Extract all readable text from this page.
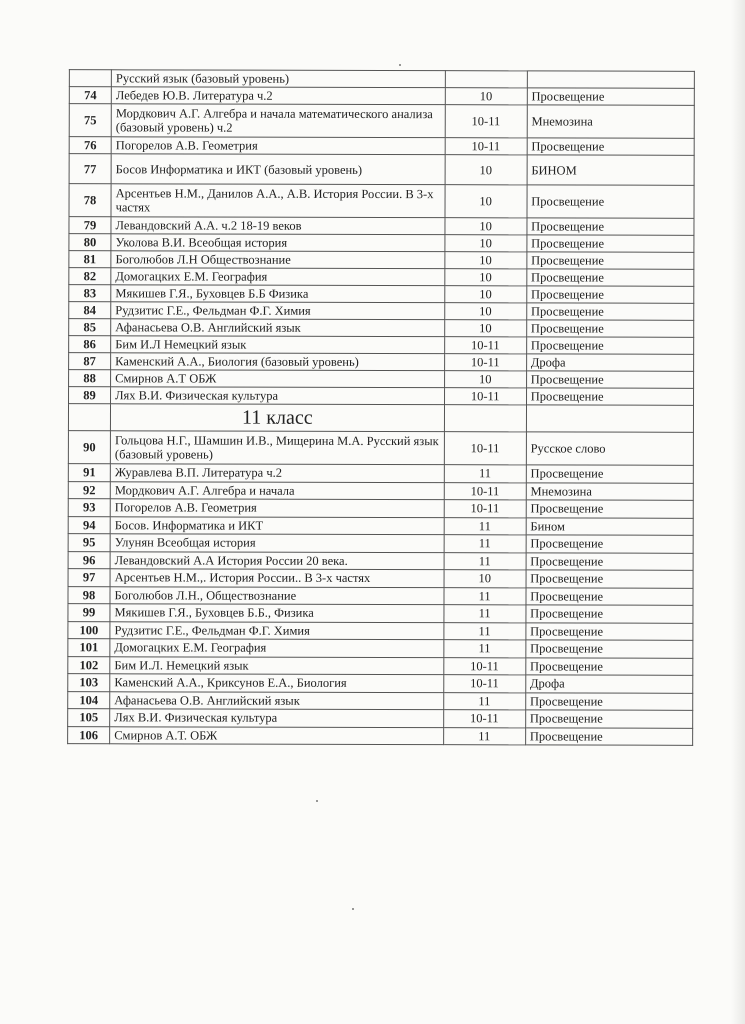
	Русский язык (базовый уровень)		
74	Лебедев Ю.В. Литература ч.2	10	Просвещение
75	Мордкович А.Г. Алгебра и начала математического анализа (базовый уровень) ч.2	10-11	Мнемозина
76	Погорелов А.В. Геометрия	10-11	Просвещение
77	Босов Информатика и ИКТ (базовый уровень)	10	БИНОМ
78	Арсентьев Н.М., Данилов А.А., А.В. История России. В 3-х частях	10	Просвещение
79	Левандовский А.А. ч.2 18-19 веков	10	Просвещение
80	Уколова В.И. Всеобщая история	10	Просвещение
81	Боголюбов Л.Н Обществознание	10	Просвещение
82	Домогацких Е.М. География	10	Просвещение
83	Мякишев Г.Я., Буховцев Б.Б Физика	10	Просвещение
84	Рудзитис Г.Е., Фельдман Ф.Г. Химия	10	Просвещение
85	Афанасьева О.В. Английский язык	10	Просвещение
86	Бим И.Л Немецкий язык	10-11	Просвещение
87	Каменский А.А., Биология (базовый уровень)	10-11	Дрофа
88	Смирнов А.Т ОБЖ	10	Просвещение
89	Лях В.И. Физическая культура	10-11	Просвещение
	11 класс		
90	Гольцова Н.Г., Шамшин И.В., Мищерина М.А. Русский язык (базовый уровень)	10-11	Русское слово
91	Журавлева В.П. Литература ч.2	11	Просвещение
92	Мордкович А.Г. Алгебра и начала	10-11	Мнемозина
93	Погорелов А.В. Геометрия	10-11	Просвещение
94	Босов. Информатика и ИКТ	11	Бином
95	Улунян Всеобщая история	11	Просвещение
96	Левандовский А.А История России 20 века.	11	Просвещение
97	Арсентьев Н.М.,. История России.. В 3-х частях	10	Просвещение
98	Боголюбов Л.Н., Обществознание	11	Просвещение
99	Мякишев Г.Я., Буховцев Б.Б., Физика	11	Просвещение
100	Рудзитис Г.Е., Фельдман Ф.Г. Химия	11	Просвещение
101	Домогацких Е.М. География	11	Просвещение
102	Бим И.Л. Немецкий язык	10-11	Просвещение
103	Каменский А.А., Криксунов Е.А., Биология	10-11	Дрофа
104	Афанасьева О.В. Английский язык	11	Просвещение
105	Лях В.И. Физическая культура	10-11	Просвещение
106	Смирнов А.Т. ОБЖ	11	Просвещение
